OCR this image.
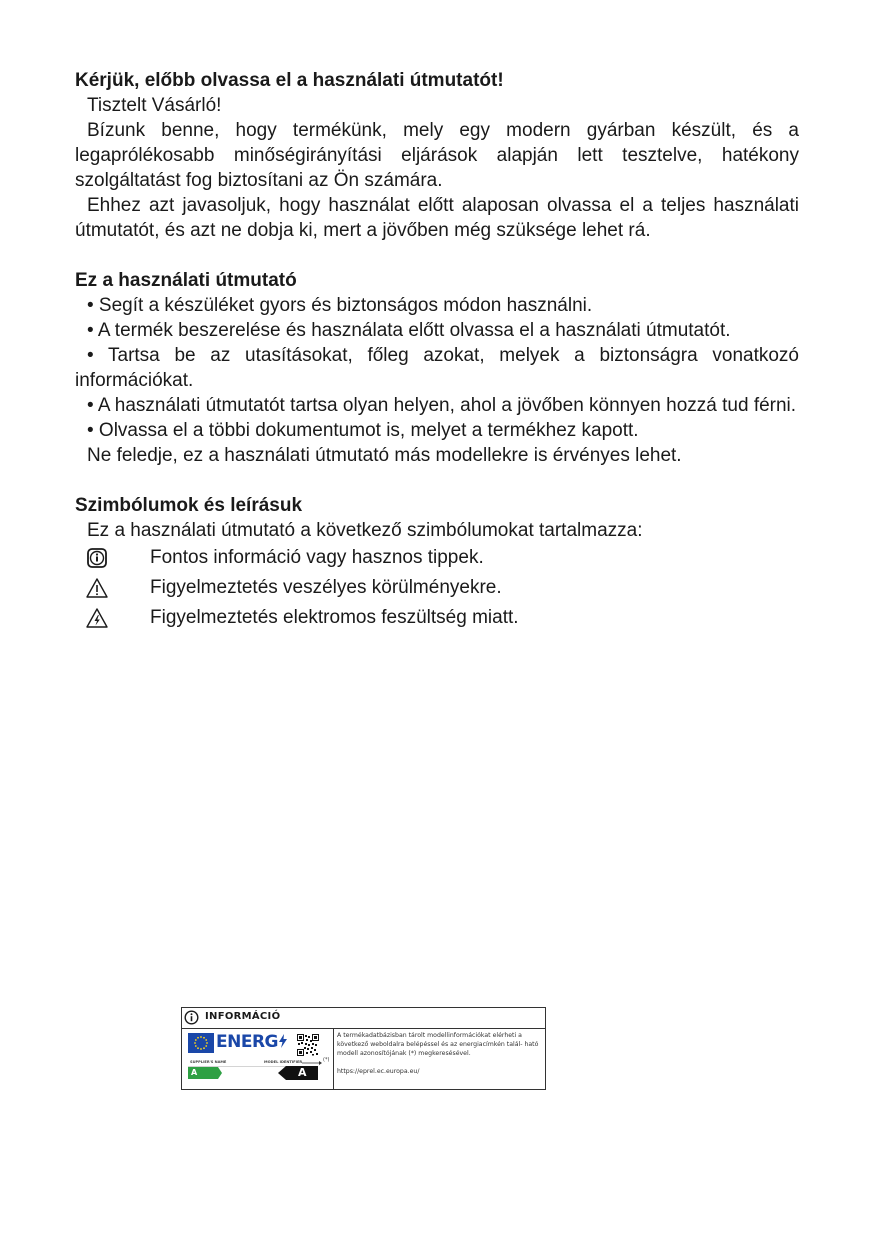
Kérjük, előbb olvassa el a használati útmutatót!

Tisztelt Vásárló!

Bízunk benne, hogy termékünk, mely egy modern gyárban készült, és a legaprólékosabb minőségirányítási eljárások alapján lett tesztelve, hatékony szolgáltatást fog biztosítani az Ön számára.

Ehhez azt javasoljuk, hogy használat előtt alaposan olvassa el a teljes használati útmutatót, és azt ne dobja ki, mert a jövőben még szüksége lehet rá.

Ez a használati útmutató

• Segít a készüléket gyors és biztonságos módon használni.

• A termék beszerelése és használata előtt olvassa el a használati útmutatót.

• Tartsa be az utasításokat, főleg azokat, melyek a biztonságra vonatkozó információkat.

• A használati útmutatót tartsa olyan helyen, ahol a jövőben könnyen hozzá tud férni.

• Olvassa el a többi dokumentumot is, melyet a termékhez kapott.

Ne feledje, ez a használati útmutató más modellekre is érvényes lehet.

Szimbólumok és leírásuk

Ez a használati útmutató a következő szimbólumokat tartalmazza:

Fontos információ vagy hasznos tippek.
Figyelmeztetés veszélyes körülményekre.
Figyelmeztetés elektromos feszültség miatt.
INFORMÁCIÓ
ENERG
SUPPLIER'S NAME	MODEL IDENTIFIER	(*)
A	A
A termékadatbázisban tárolt modellinformációkat elérheti a következő weboldalra belépéssel és az energiacímkén talál- ható modell azonosítójának (*) megkeresésével.
https://eprel.ec.europa.eu/
